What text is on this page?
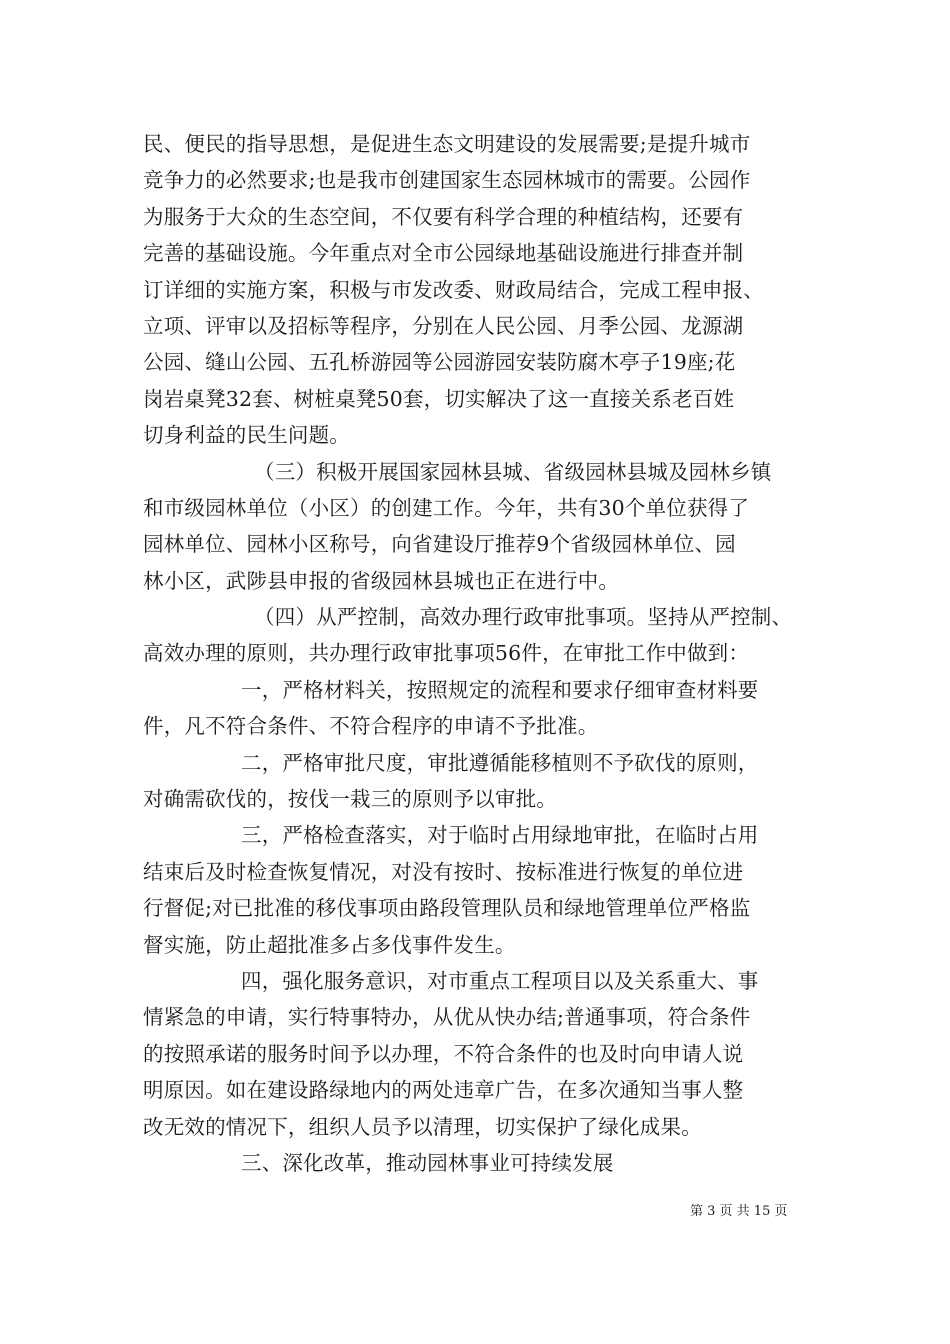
民、便民的指导思想，是促进生态文明建设的发展需要;是提升城市
竞争力的必然要求;也是我市创建国家生态园林城市的需要。公园作
为服务于大众的生态空间，不仅要有科学合理的种植结构，还要有
完善的基础设施。今年重点对全市公园绿地基础设施进行排查并制
订详细的实施方案，积极与市发改委、财政局结合，完成工程申报、
立项、评审以及招标等程序，分别在人民公园、月季公园、龙源湖
公园、缝山公园、五孔桥游园等公园游园安装防腐木亭子19座;花
岗岩桌凳32套、树桩桌凳50套，切实解决了这一直接关系老百姓
切身利益的民生问题。
（三）积极开展国家园林县城、省级园林县城及园林乡镇
和市级园林单位（小区）的创建工作。今年，共有30个单位获得了
园林单位、园林小区称号，向省建设厅推荐9个省级园林单位、园
林小区，武陟县申报的省级园林县城也正在进行中。
（四）从严控制，高效办理行政审批事项。坚持从严控制、
高效办理的原则，共办理行政审批事项56件，在审批工作中做到：
一，严格材料关，按照规定的流程和要求仔细审查材料要
件，凡不符合条件、不符合程序的申请不予批准。
二，严格审批尺度，审批遵循能移植则不予砍伐的原则，
对确需砍伐的，按伐一栽三的原则予以审批。
三，严格检查落实，对于临时占用绿地审批，在临时占用
结束后及时检查恢复情况，对没有按时、按标准进行恢复的单位进
行督促;对已批准的移伐事项由路段管理队员和绿地管理单位严格监
督实施，防止超批准多占多伐事件发生。
四，强化服务意识，对市重点工程项目以及关系重大、事
情紧急的申请，实行特事特办，从优从快办结;普通事项，符合条件
的按照承诺的服务时间予以办理，不符合条件的也及时向申请人说
明原因。如在建设路绿地内的两处违章广告，在多次通知当事人整
改无效的情况下，组织人员予以清理，切实保护了绿化成果。
三、深化改革，推动园林事业可持续发展
第 3 页 共 15 页
